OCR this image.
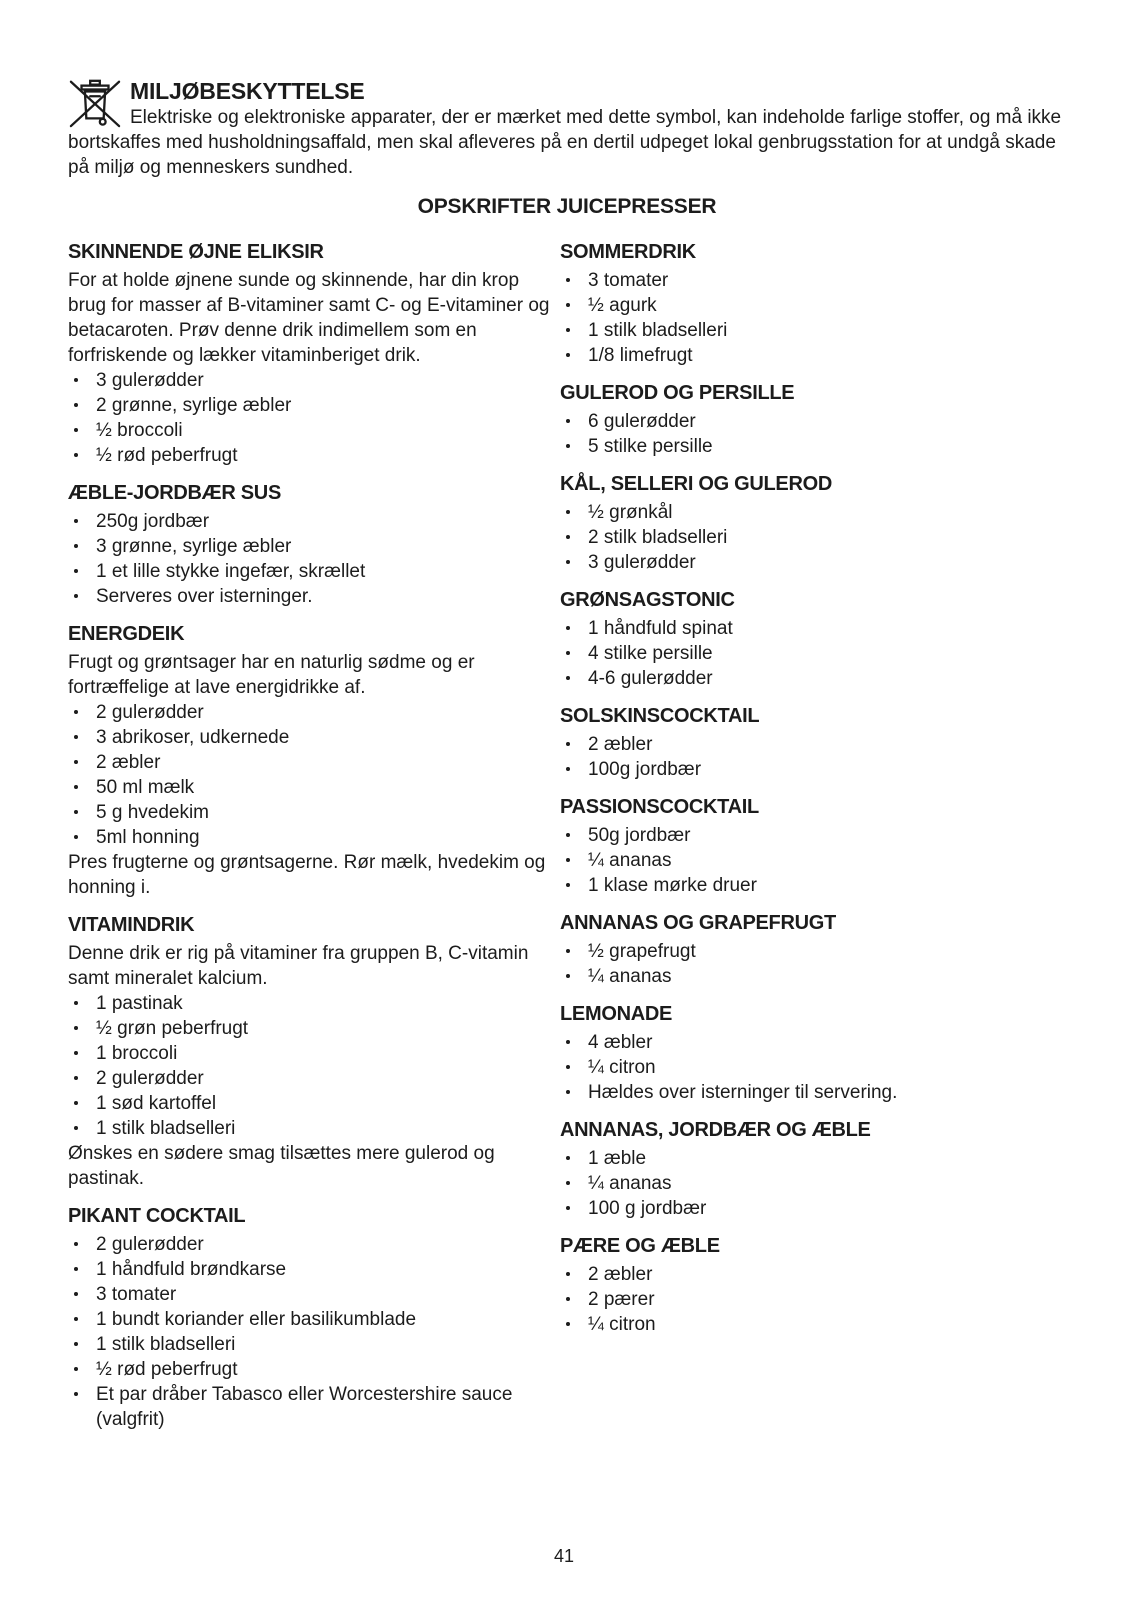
MILJØBESKYTTELSE

Elektriske og elektroniske apparater, der er mærket med dette symbol, kan indeholde farlige stoffer, og må ikke bortskaffes med husholdningsaffald, men skal afleveres på en dertil udpeget lokal genbrugsstation for at undgå skade på miljø og menneskers sundhed.

OPSKRIFTER JUICEPRESSER
SKINNENDE ØJNE ELIKSIR

For at holde øjnene sunde og skinnende, har din krop brug for masser af B-vitaminer samt C- og E-vitaminer og betacaroten. Prøv denne drik indimellem som en forfriskende og lækker vitaminberiget drik.

3 gulerødder
2 grønne, syrlige æbler
½ broccoli
½ rød peberfrugt
ÆBLE-JORDBÆR SUS
250g jordbær
3 grønne, syrlige æbler
1 et lille stykke ingefær, skrællet
Serveres over isterninger.
ENERGDEIK

Frugt og grøntsager har en naturlig sødme og er fortræffelige at lave energidrikke af.

2 gulerødder
3 abrikoser, udkernede
2 æbler
50 ml mælk
5 g hvedekim
5ml honning

Pres frugterne og grøntsagerne. Rør mælk, hvedekim og honning i.

VITAMINDRIK

Denne drik er rig på vitaminer fra gruppen B, C-vitamin samt mineralet kalcium.

1 pastinak
½ grøn peberfrugt
1 broccoli
2 gulerødder
1 sød kartoffel
1 stilk bladselleri

Ønskes en sødere smag tilsættes mere gulerod og pastinak.

PIKANT COCKTAIL
2 gulerødder
1 håndfuld brøndkarse
3 tomater
1 bundt koriander eller basilikumblade
1 stilk bladselleri
½ rød peberfrugt
Et par dråber Tabasco eller Worcestershire sauce (valgfrit)
SOMMERDRIK
3 tomater
½ agurk
1 stilk bladselleri
1/8 limefrugt
GULEROD OG PERSILLE
6 gulerødder
5 stilke persille
KÅL, SELLERI OG GULEROD
½ grønkål
2 stilk bladselleri
3 gulerødder
GRØNSAGSTONIC
1 håndfuld spinat
4 stilke persille
4-6 gulerødder
SOLSKINSCOCKTAIL
2 æbler
100g jordbær
PASSIONSCOCKTAIL
50g jordbær
¼ ananas
1 klase mørke druer
ANNANAS OG GRAPEFRUGT
½ grapefrugt
¼ ananas
LEMONADE
4 æbler
¼ citron
Hældes over isterninger til servering.
ANNANAS, JORDBÆR OG ÆBLE
1 æble
¼ ananas
100 g jordbær
PÆRE OG ÆBLE
2 æbler
2 pærer
¼ citron
41
